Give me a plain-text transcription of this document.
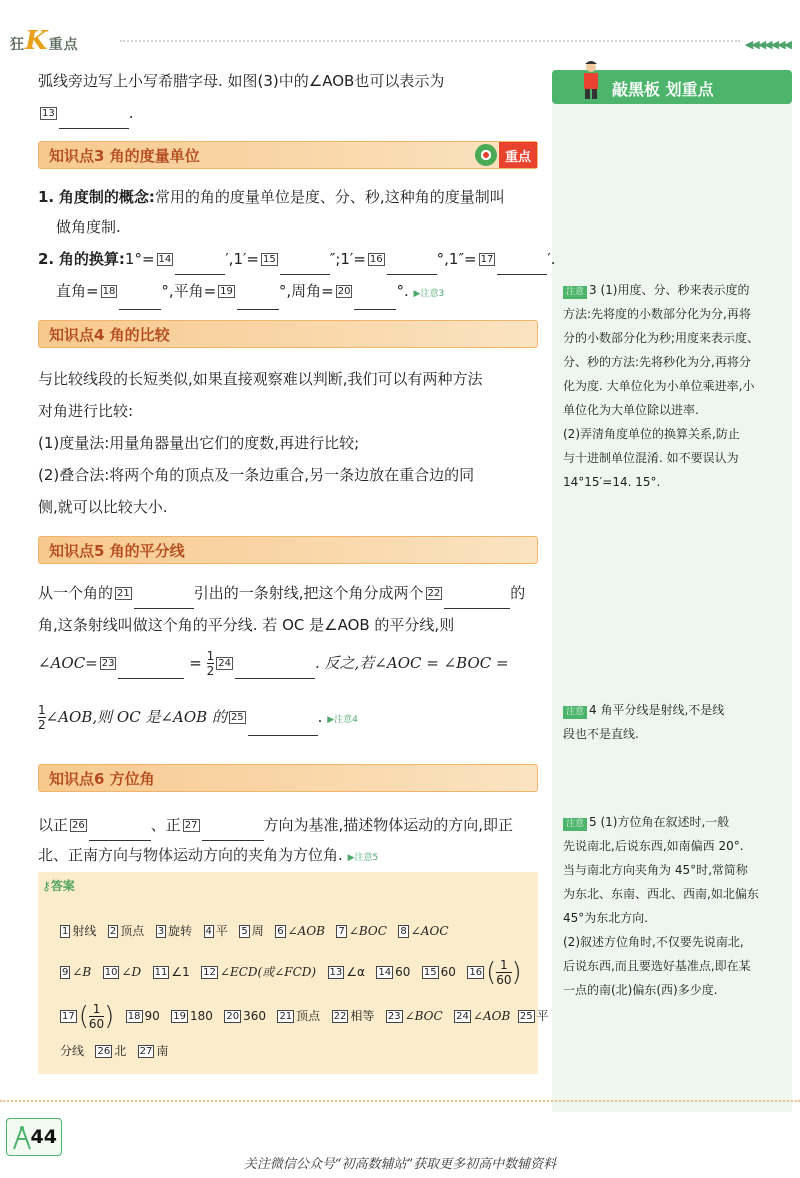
狂K重点	◀◀◀◀◀◀◀
敲黑板 划重点
弧线旁边写上小写希腊字母. 如图(3)中的∠AOB也可以表示为
13	.
知识点3 角的度量单位	重点
1. 角度制的概念:常用的角的度量单位是度、分、秒,这种角的度量制叫
做角度制.
2. 角的换算:1°= 14	′,1′= 15	″;1′= 16	°,1″= 17	′.
直角= 18	°,平角= 19	°,周角= 20	°. ▶注意3
知识点4 角的比较
与比较线段的长短类似,如果直接观察难以判断,我们可以有两种方法
对角进行比较:
(1)度量法:用量角器量出它们的度数,再进行比较;
(2)叠合法:将两个角的顶点及一条边重合,另一条边放在重合边的同
侧,就可以比较大小.
知识点5 角的平分线
从一个角的 21	引出的一条射线,把这个角分成两个 22	的
角,这条射线叫做这个角的平分线. 若 OC 是∠AOB 的平分线,则
∠AOC= 23	= $\frac{1}{2} 24$	. 反之,若∠AOC = ∠BOC =
$\frac{1}{2}$ ∠AOB,则 OC 是∠AOB 的 25	. ▶注意4
知识点6 方位角
以正 26	、正 27	方向为基准,描述物体运动的方向,即正
北、正南方向与物体运动方向的夹角为方位角. ▶注意5
⚷答案
1 射线 2 顶点 3 旋转 4 平 5 周 6 ∠AOB 7 ∠BOC 8 ∠AOC
9 ∠B 10 ∠D 11 ∠1 12 ∠ECD(或∠FCD) 13 ∠α 14 60 15 60 16 ( $\frac{1}{60}$ )
17 ( $\frac{1}{60}$ ) 18 90 19 180 20 360 21 顶点 22 相等 23 ∠BOC 24 ∠AOB 25 平
分线 26 北 27 南
注意 3 (1)用度、分、秒来表示度的
方法:先将度的小数部分化为分,再将
分的小数部分化为秒;用度来表示度、
分、秒的方法:先将秒化为分,再将分
化为度. 大单位化为小单位乘进率,小
单位化为大单位除以进率.
(2)弄清角度单位的换算关系,防止
与十进制单位混淆. 如不要误认为
14°15′=14. 15°.
注意 4 角平分线是射线,不是线
段也不是直线.
注意 5 (1)方位角在叙述时,一般
先说南北,后说东西,如南偏西 20°.
当与南北方向夹角为 45°时,常简称
为东北、东南、西北、西南,如北偏东
45°为东北方向.
(2)叙述方位角时,不仅要先说南北,
后说东西,而且要选好基准点,即在某
一点的南(北)偏东(西)多少度.
44
关注微信公众号“初高数辅站”获取更多初高中数辅资料
